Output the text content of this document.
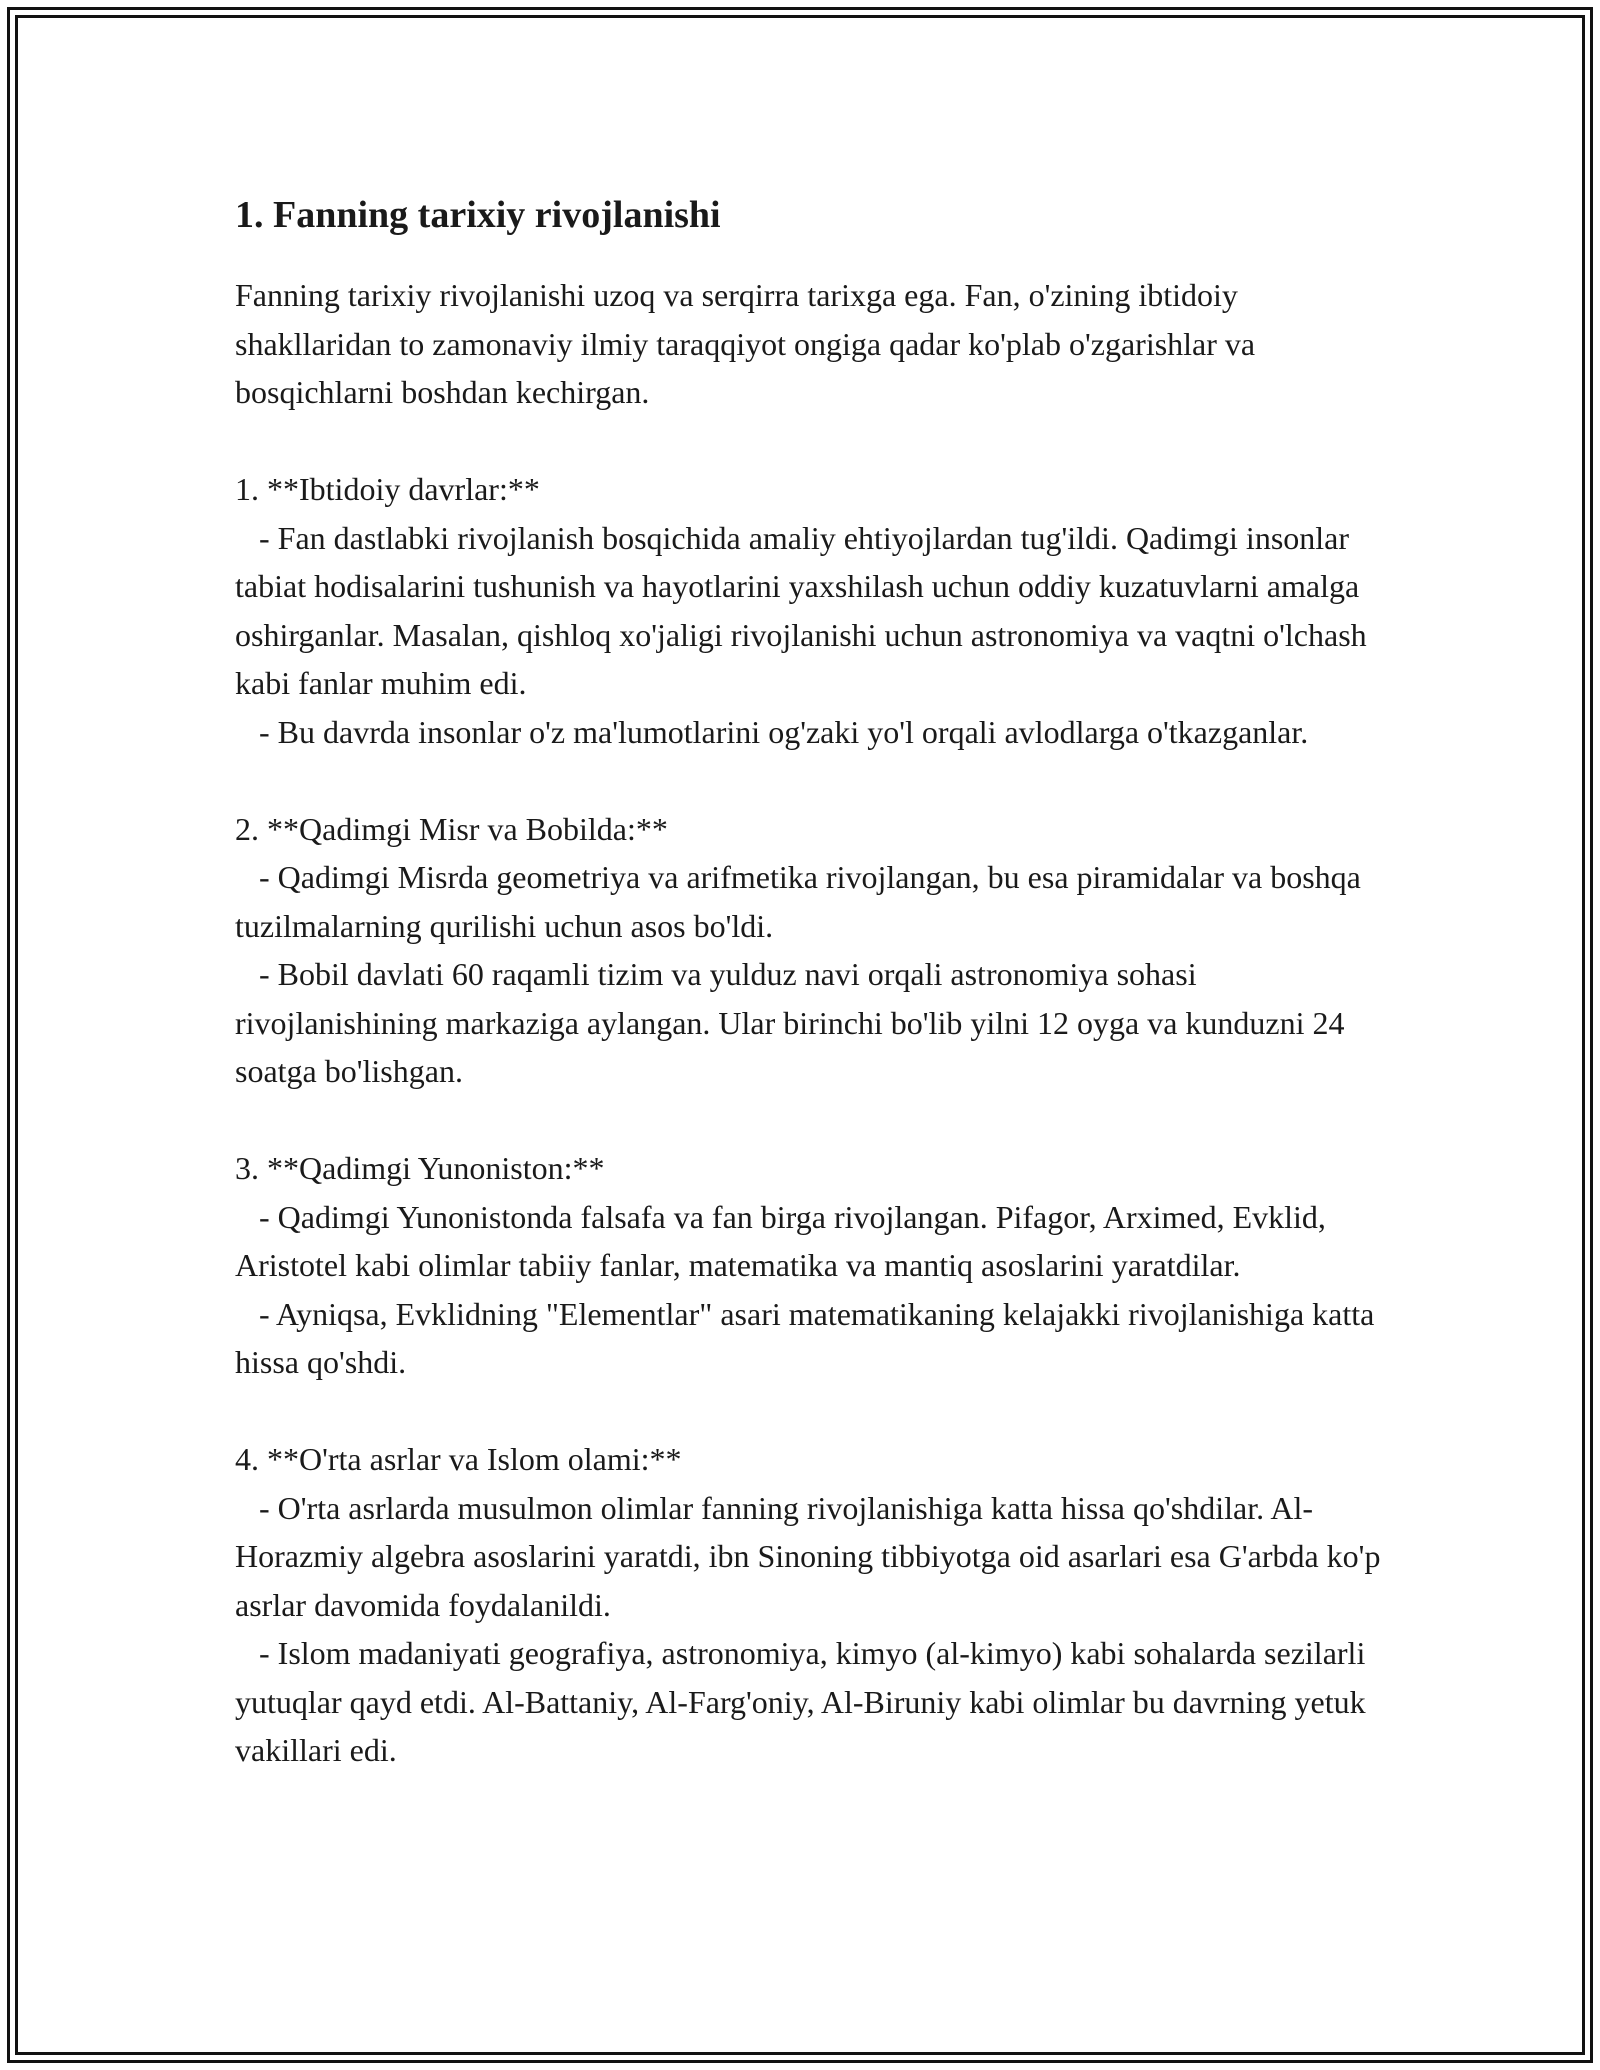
1. Fanning tarixiy rivojlanishi

Fanning tarixiy rivojlanishi uzoq va serqirra tarixga ega. Fan, o'zining ibtidoiy shakllaridan to zamonaviy ilmiy taraqqiyot ongiga qadar ko'plab o'zgarishlar va bosqichlarni boshdan kechirgan.

1. **Ibtidoiy davrlar:**

- Fan dastlabki rivojlanish bosqichida amaliy ehtiyojlardan tug'ildi. Qadimgi insonlar tabiat hodisalarini tushunish va hayotlarini yaxshilash uchun oddiy kuzatuvlarni amalga oshirganlar. Masalan, qishloq xo'jaligi rivojlanishi uchun astronomiya va vaqtni o'lchash kabi fanlar muhim edi.

- Bu davrda insonlar o'z ma'lumotlarini og'zaki yo'l orqali avlodlarga o'tkazganlar.

2. **Qadimgi Misr va Bobilda:**

- Qadimgi Misrda geometriya va arifmetika rivojlangan, bu esa piramidalar va boshqa tuzilmalarning qurilishi uchun asos bo'ldi.

- Bobil davlati 60 raqamli tizim va yulduz navi orqali astronomiya sohasi rivojlanishining markaziga aylangan. Ular birinchi bo'lib yilni 12 oyga va kunduzni 24 soatga bo'lishgan.

3. **Qadimgi Yunoniston:**

- Qadimgi Yunonistonda falsafa va fan birga rivojlangan. Pifagor, Arximed, Evklid, Aristotel kabi olimlar tabiiy fanlar, matematika va mantiq asoslarini yaratdilar.

- Ayniqsa, Evklidning "Elementlar" asari matematikaning kelajakki rivojlanishiga katta hissa qo'shdi.

4. **O'rta asrlar va Islom olami:**

- O'rta asrlarda musulmon olimlar fanning rivojlanishiga katta hissa qo'shdilar. Al-Horazmiy algebra asoslarini yaratdi, ibn Sinoning tibbiyotga oid asarlari esa G'arbda ko'p asrlar davomida foydalanildi.

- Islom madaniyati geografiya, astronomiya, kimyo (al-kimyo) kabi sohalarda sezilarli yutuqlar qayd etdi. Al-Battaniy, Al-Farg'oniy, Al-Biruniy kabi olimlar bu davrning yetuk vakillari edi.
